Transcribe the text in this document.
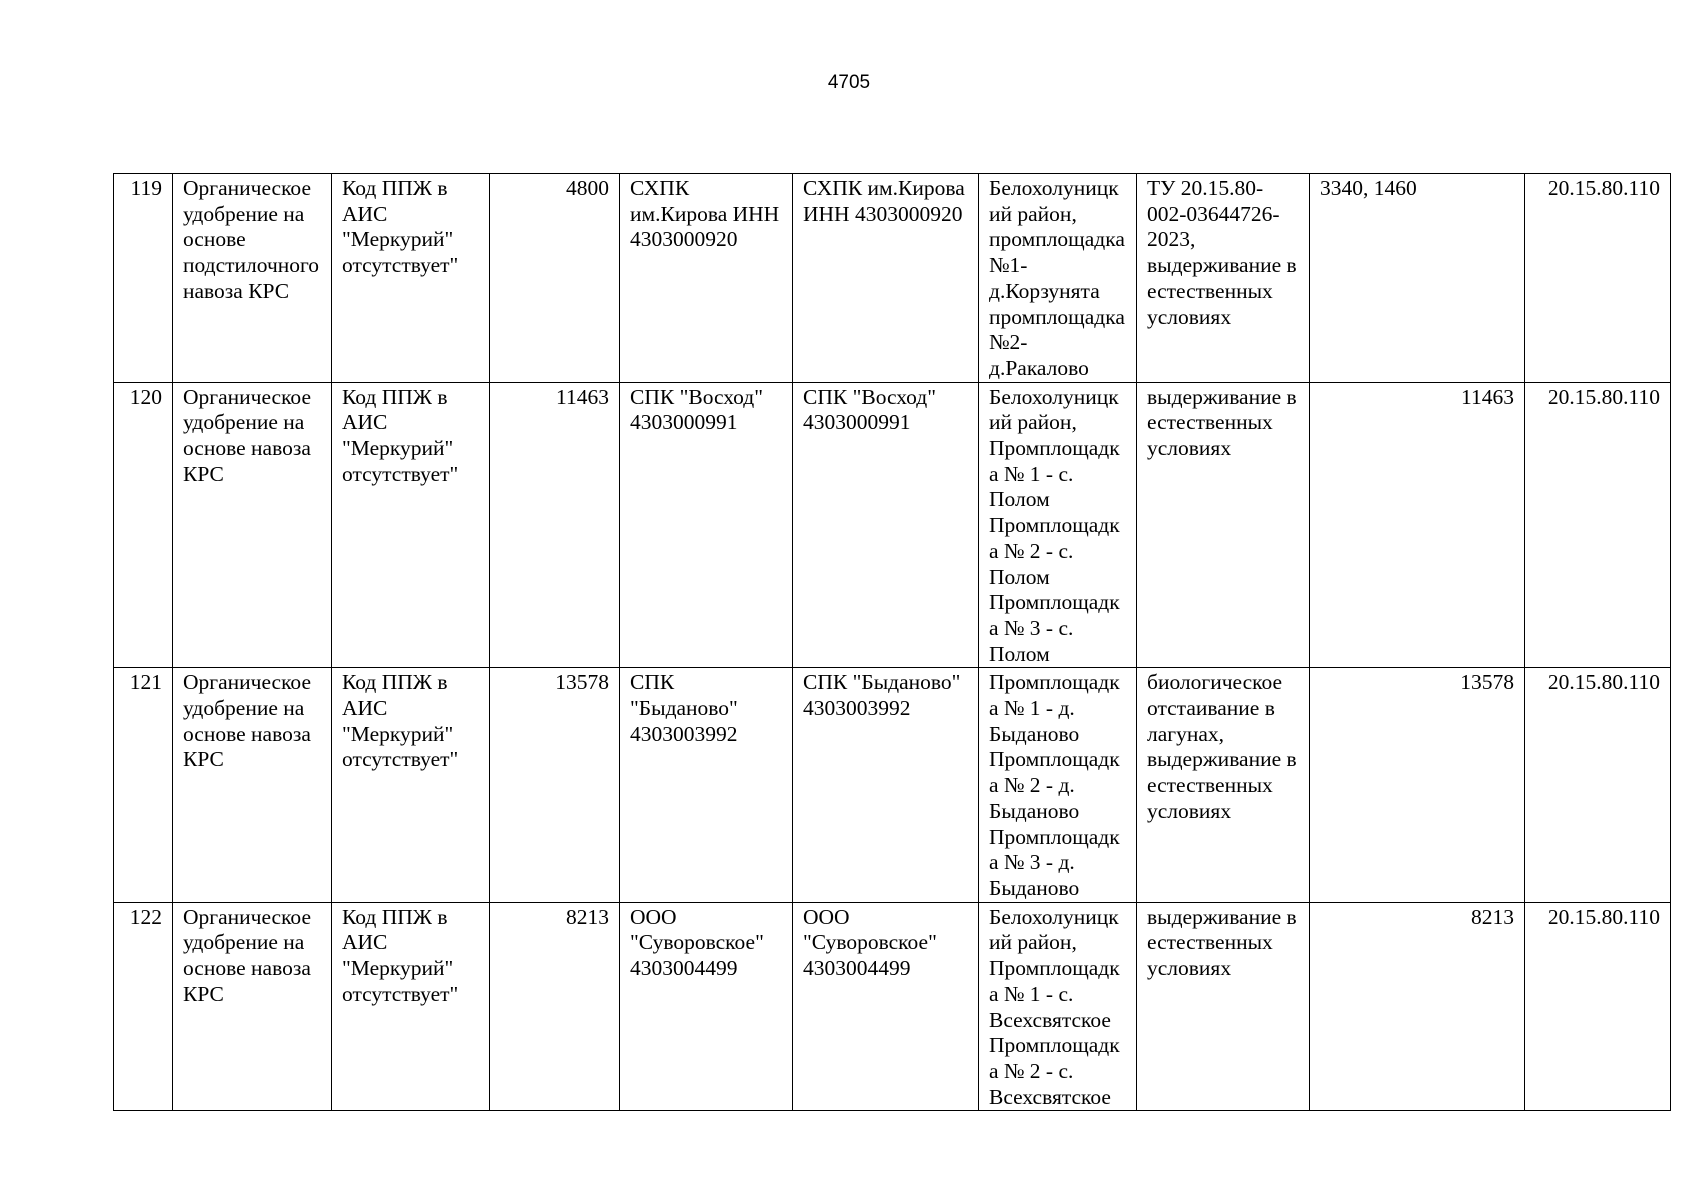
4705
119	Органическое удобрение на основе подстилочного навоза КРС	Код ППЖ в АИС "Меркурий" отсутствует"	4800	СХПК им.Кирова ИНН 4303000920	СХПК им.Кирова ИНН 4303000920	Белохолуницкий район, промплощадка №1-д.Корзунята промплощадка №2-д.Ракалово	ТУ 20.15.80-002-03644726-2023, выдерживание в естественных условиях	3340, 1460	20.15.80.110
120	Органическое удобрение на основе навоза КРС	Код ППЖ в АИС "Меркурий" отсутствует"	11463	СПК "Восход" 4303000991	СПК "Восход" 4303000991	Белохолуницкий район, Промплощадка № 1 - с. Полом Промплощадка № 2 - с. Полом Промплощадка № 3 - с. Полом	выдерживание в естественных условиях	11463	20.15.80.110
121	Органическое удобрение на основе навоза КРС	Код ППЖ в АИС "Меркурий" отсутствует"	13578	СПК "Быданово" 4303003992	СПК "Быданово" 4303003992	Промплощадка № 1 - д. Быданово Промплощадка № 2 - д. Быданово Промплощадка № 3 - д. Быданово	биологическое отстаивание в лагунах, выдерживание в естественных условиях	13578	20.15.80.110
122	Органическое удобрение на основе навоза КРС	Код ППЖ в АИС "Меркурий" отсутствует"	8213	ООО "Суворовское" 4303004499	ООО "Суворовское" 4303004499	Белохолуницкий район, Промплощадка № 1 - с. Всехсвятское Промплощадка № 2 - с. Всехсвятское	выдерживание в естественных условиях	8213	20.15.80.110
